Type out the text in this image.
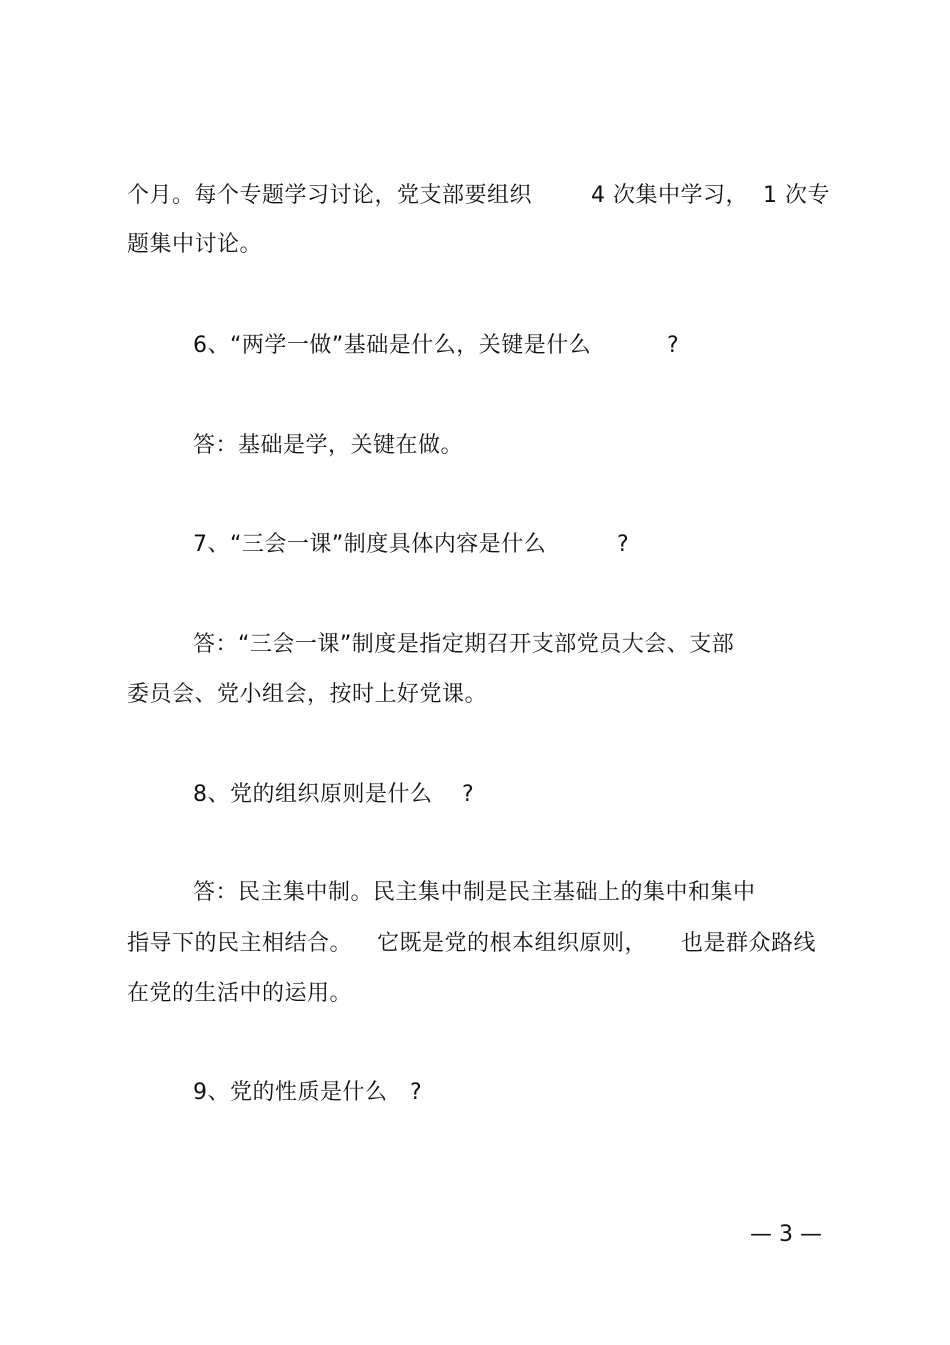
个月。每个专题学习讨论，党支部要组织	4 次集中学习， 1 次专
题集中讨论。
6、“两学一做”基础是什么，关键是什么	?
答：基础是学，关键在做。
7、“三会一课”制度具体内容是什么	?
答：“三会一课”制度是指定期召开支部党员大会、支部
委员会、党小组会，按时上好党课。
8、党的组织原则是什么 ?
答：民主集中制。民主集中制是民主基础上的集中和集中
指导下的民主相结合。 它既是党的根本组织原则， 也是群众路线
在党的生活中的运用。
9、党的性质是什么 ?
— 3 —
